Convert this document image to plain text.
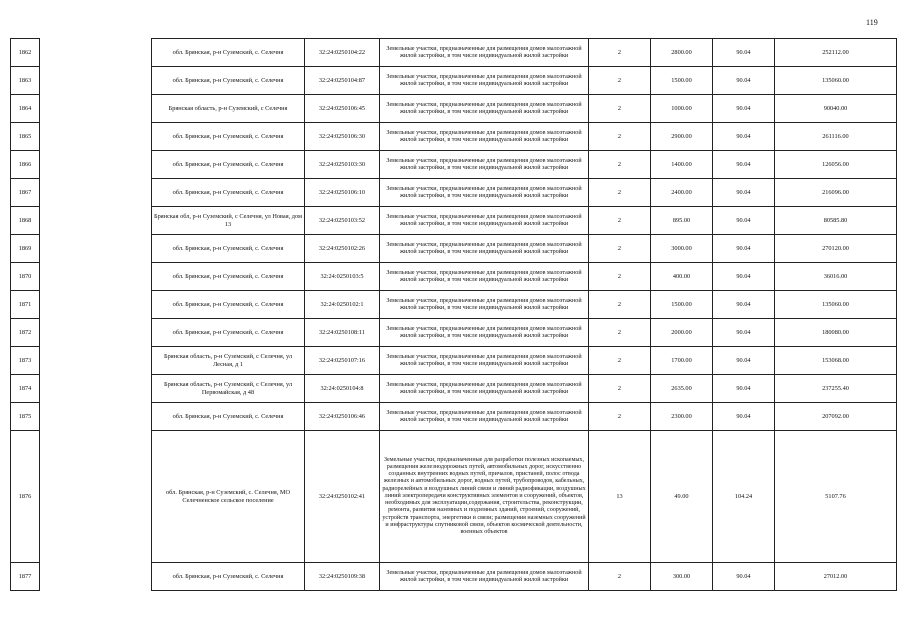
119
1862		обл. Брянская, р-н Суземский, с. Селечня	32:24:0250104:22	Земельные участки, предназначенные для размещения домов малоэтажной жилой застройки, в том числе индивидуальной жилой застройки	2	2800.00	90.04	252112.00
1863		обл. Брянская, р-н Суземский, с. Селечня	32:24:0250104:87	Земельные участки, предназначенные для размещения домов малоэтажной жилой застройки, в том числе индивидуальной жилой застройки	2	1500.00	90.04	135060.00
1864		Брянская область, р-н Суземский, с Селечня	32:24:0250106:45	Земельные участки, предназначенные для размещения домов малоэтажной жилой застройки, в том числе индивидуальной жилой застройки	2	1000.00	90.04	90040.00
1865		обл. Брянская, р-н Суземский, с. Селечня	32:24:0250106:30	Земельные участки, предназначенные для размещения домов малоэтажной жилой застройки, в том числе индивидуальной жилой застройки	2	2900.00	90.04	261116.00
1866		обл. Брянская, р-н Суземский, с. Селечня	32:24:0250103:30	Земельные участки, предназначенные для размещения домов малоэтажной жилой застройки, в том числе индивидуальной жилой застройки	2	1400.00	90.04	126056.00
1867		обл. Брянская, р-н Суземский, с. Селечня	32:24:0250106:10	Земельные участки, предназначенные для размещения домов малоэтажной жилой застройки, в том числе индивидуальной жилой застройки	2	2400.00	90.04	216096.00
1868		Брянская обл, р-н Суземский, с Селечня, ул Новая, дом 13	32:24:0250103:52	Земельные участки, предназначенные для размещения домов малоэтажной жилой застройки, в том числе индивидуальной жилой застройки	2	895.00	90.04	80585.80
1869		обл. Брянская, р-н Суземский, с. Селечня	32:24:0250102:26	Земельные участки, предназначенные для размещения домов малоэтажной жилой застройки, в том числе индивидуальной жилой застройки	2	3000.00	90.04	270120.00
1870		обл. Брянская, р-н Суземский, с. Селечня	32:24:0250103:5	Земельные участки, предназначенные для размещения домов малоэтажной жилой застройки, в том числе индивидуальной жилой застройки	2	400.00	90.04	36016.00
1871		обл. Брянская, р-н Суземский, с. Селечня	32:24:0250102:1	Земельные участки, предназначенные для размещения домов малоэтажной жилой застройки, в том числе индивидуальной жилой застройки	2	1500.00	90.04	135060.00
1872		обл. Брянская, р-н Суземский, с. Селечня	32:24:0250108:11	Земельные участки, предназначенные для размещения домов малоэтажной жилой застройки, в том числе индивидуальной жилой застройки	2	2000.00	90.04	180080.00
1873		Брянская область, р-н Суземский, с Селечня, ул Лесная, д 1	32:24:0250107:16	Земельные участки, предназначенные для размещения домов малоэтажной жилой застройки, в том числе индивидуальной жилой застройки	2	1700.00	90.04	153068.00
1874		Брянская область, р-н Суземский, с Селечня, ул Первомайская, д 48	32:24:0250104:8	Земельные участки, предназначенные для размещения домов малоэтажной жилой застройки, в том числе индивидуальной жилой застройки	2	2635.00	90.04	237255.40
1875		обл. Брянская, р-н Суземский, с. Селечня	32:24:0250106:46	Земельные участки, предназначенные для размещения домов малоэтажной жилой застройки, в том числе индивидуальной жилой застройки	2	2300.00	90.04	207092.00
1876		обл. Брянская, р-н Суземский, с. Селечня, МО Селечненское сельское поселение	32:24:0250102:41	Земельные участки, предназначенные для разработки полезных ископаемых, размещения железнодорожных путей, автомобильных дорог, искусственно созданных внутренних водных путей, причалов, пристаней, полос отвода железных и автомобильных дорог, водных путей, трубопроводов, кабельных, радиорелейных и воздушных линий связи и линий радиофикации, воздушных линий электропередачи конструктивных элементов и сооружений, объектов, необходимых для эксплуатации,содержания, строительства, реконструкции, ремонта, развития наземных и подземных зданий, строений, сооружений, устройств транспорта, энергетики и связи; размещения наземных сооружений и инфраструктуры спутниковой связи, объектов космической деятельности, военных объектов	13	49.00	104.24	5107.76
1877		обл. Брянская, р-н Суземский, с. Селечня	32:24:0250109:38	Земельные участки, предназначенные для размещения домов малоэтажной жилой застройки, в том числе индивидуальной жилой застройки	2	300.00	90.04	27012.00
